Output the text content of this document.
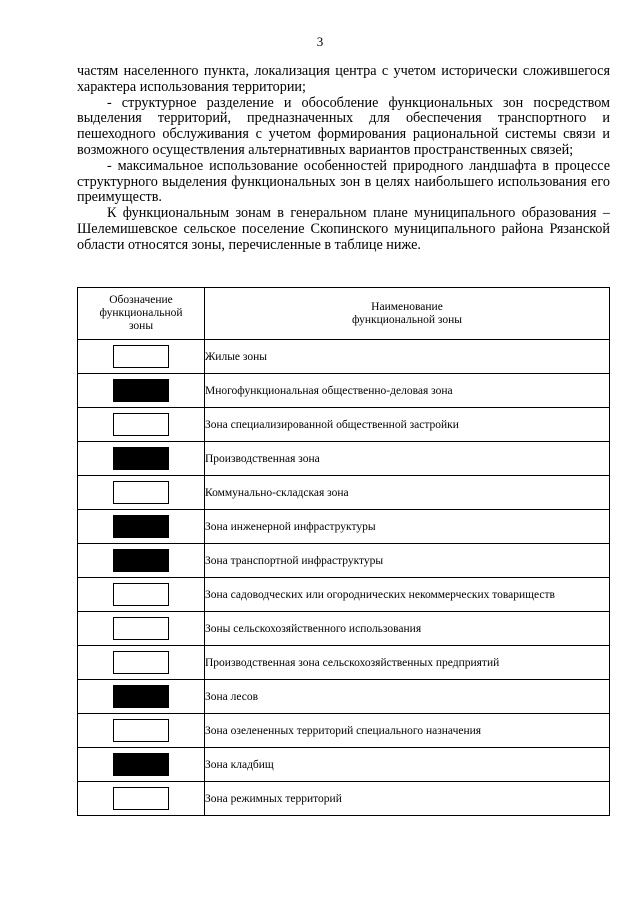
3

частям населенного пункта, локализация центра с учетом исторически сложившегося характера использования территории;

- структурное разделение и обособление функциональных зон посредством выделения территорий, предназначенных для обеспечения транспортного и пешеходного обслуживания с учетом формирования рациональной системы связи и возможного осуществления альтернативных вариантов пространственных связей;

- максимальное использование особенностей природного ландшафта в процессе структурного выделения функциональных зон в целях наибольшего использования его преимуществ.

К функциональным зонам в генеральном плане муниципального образования – Шелемишевское сельское поселение Скопинского муниципального района Рязанской области относятся зоны, перечисленные в таблице ниже.

Обозначение функциональной зоны	Наименование функциональной зоны
	Жилые зоны
	Многофункциональная общественно-деловая зона
	Зона специализированной общественной застройки
	Производственная зона
	Коммунально-складская зона
	Зона инженерной инфраструктуры
	Зона транспортной инфраструктуры
	Зона садоводческих или огороднических некоммерческих товариществ
	Зоны сельскохозяйственного использования
	Производственная зона сельскохозяйственных предприятий
	Зона лесов
	Зона озелененных территорий специального назначения
	Зона кладбищ
	Зона режимных территорий
